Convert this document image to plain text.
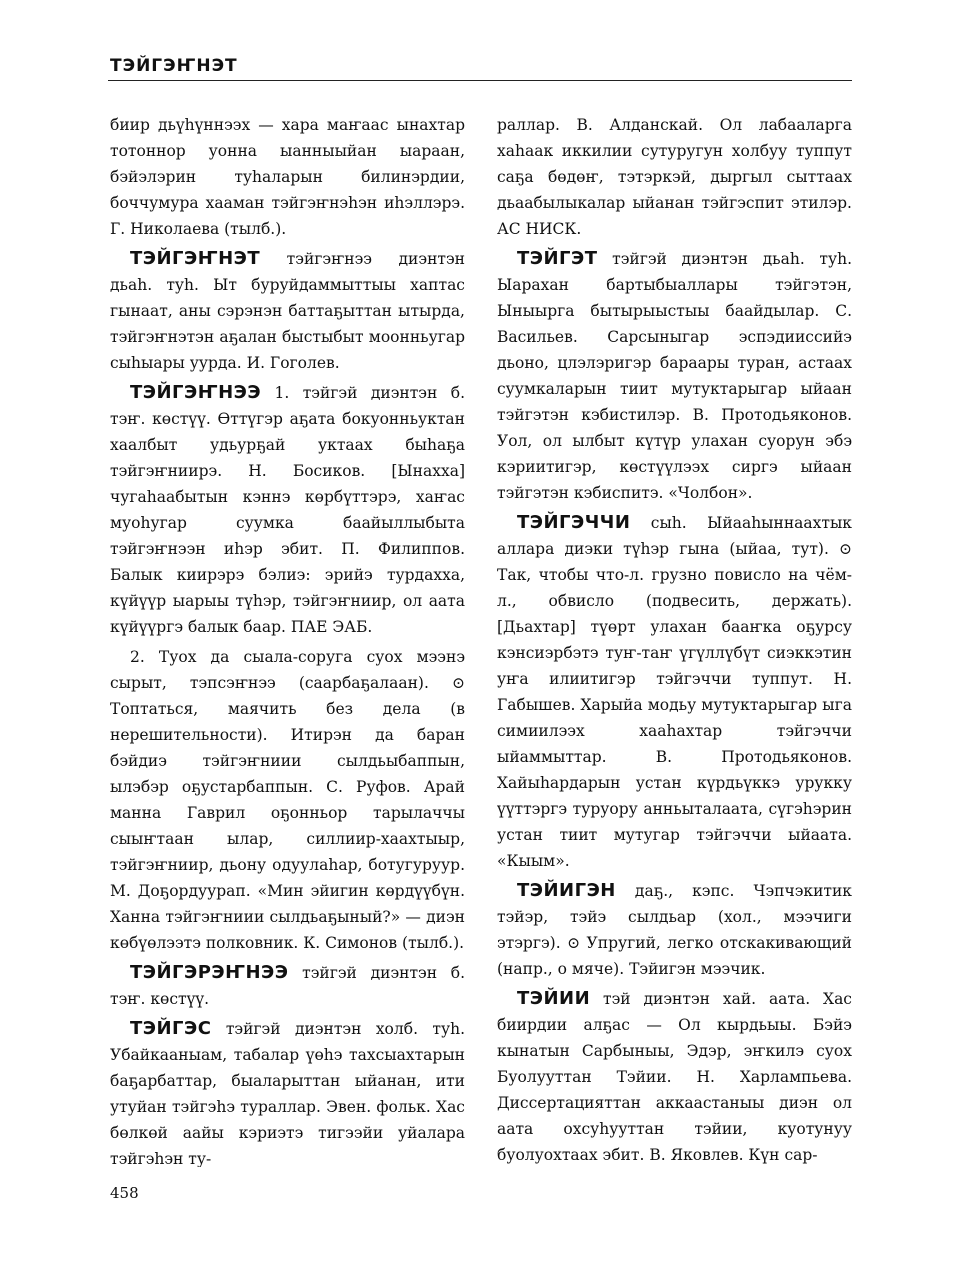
ТЭЙГЭҤНЭТ

биир дьүһүннээх — хара маҥаас ынахтар тотоннор уонна ыанныыйан ыараан, бэйэлэрин туһаларын билинэрдии, боччумура хааман тэйгэҥнэһэн иһэллэрэ. Г. Николаева (тылб.).

ТЭЙГЭҤНЭТ тэйгэҥнээ диэнтэн дьаһ. туһ. Ыт буруйдаммыттыы хаптас гынаат, аны сэрэнэн баттаҕыттан ытырда, тэйгэҥнэтэн аҕалан быстыбыт моонньугар сыһыары уурда. И. Гоголев.

ТЭЙГЭҤНЭЭ 1. тэйгэй диэнтэн б. тэҥ. көстүү. Өттүгэр аҕата бокуонньуктан хаалбыт удьурҕай уктаах быһаҕа тэйгэҥниирэ. Н. Босиков. [Ынахха] чугаһаабытын кэннэ көрбүттэрэ, хаҥас муоһугар суумка баайыллыбыта тэйгэҥнээн иһэр эбит. П. Филиппов. Балык киирэрэ бэлиэ: эрийэ турдахха, күйүүр ыарыы түһэр, тэйгэҥниир, ол аата күйүүргэ балык баар. ПАЕ ЭАБ.

2. Туох да сыала-соруга суох мээнэ сырыт, тэпсэҥнээ (саарбаҕалаан). ⊙ Топтаться, маячить без дела (в нерешительности). Итирэн да баран бэйдиэ тэйгэҥниии сылдьыбаппын, ылэбэр оҕустарбаппын. С. Руфов. Арай манна Гаврил оҕонньор тарылаччы сыыҥтаан ылар, силлиир-хаахтыыр, тэйгэҥниир, дьону одуулаһар, ботугуруур. М. Доҕордуурап. «Мин эйигин көрдүүбүн. Ханна тэйгэҥниии сылдьаҕыный?» — диэн көбүөлээтэ полковник. К. Симонов (тылб.).

ТЭЙГЭРЭҤНЭЭ тэйгэй диэнтэн б. тэҥ. көстүү.

ТЭЙГЭС тэйгэй диэнтэн холб. туһ. Убайкааныам, табалар үөһэ тахсыахтарын баҕарбаттар, быаларыттан ыйанан, ити утуйан тэйгэһэ тураллар. Эвен. фольк. Хас бөлкөй аайы кэриэтэ тигээйи уйалара тэйгэһэн ту-

раллар. В. Алданскай. Ол лабааларга хаһаак иккилии сутуругун холбуу туппут саҕа бөдөҥ, тэтэркэй, дыргыл сыттаах дьаабылыкалар ыйанан тэйгэспит этилэр. АС НИСК.

ТЭЙГЭТ тэйгэй диэнтэн дьаһ. туһ. Ыарахан бартыбыаллары тэйгэтэн, Ыныырга бытырыыстыы баайдылар. С. Васильев. Сарсыныгар эспэдииссийэ дьоно, цлэлэригэр бараары туран, астаах суумкаларын тиит мутуктарыгар ыйаан тэйгэтэн кэбистилэр. В. Протодьяконов. Уол, ол ылбыт күтүр улахан суорун эбэ кэриитигэр, көстүүлээх сиргэ ыйаан тэйгэтэн кэбиспитэ. «Чолбон».

ТЭЙГЭЧЧИ сыһ. Ыйааһыннаахтык аллара диэки түһэр гына (ыйаа, тут). ⊙ Так, чтобы что-л. грузно повисло на чём-л., обвисло (подвесить, держать). [Дьахтар] түөрт улахан бааҥка оҕурсу кэнсиэрбэтэ туҥ-таҥ үгүллүбүт сиэккэтин уҥа илиитигэр тэйгэччи туппут. Н. Габышев. Харыйа модьу мутуктарыгар ыга симиилээх хааһахтар тэйгэччи ыйаммыттар. В. Протодьяконов. Хайыһардарын устан күрдьүккэ урукку үүттэргэ туруору анньыталаата, сүгэһэрин устан тиит мутугар тэйгэччи ыйаата. «Кыым».

ТЭЙИГЭН даҕ., кэпс. Чэпчэкитик тэйэр, тэйэ сылдьар (хол., мээчиги этэргэ). ⊙ Упругий, легко отскакивающий (напр., о мяче). Тэйигэн мээчик.

ТЭЙИИ тэй диэнтэн хай. аата. Хас биирдии алҕас — Ол кырдьыы. Бэйэ кынатын Сарбыныы, Эдэр, эҥкилэ суох Буолууттан Тэйии. Н. Харлампьева. Диссертацияттан аккаастаныы диэн ол аата охсуһууттан тэйии, куотунуу буолуохтаах эбит. В. Яковлев. Күн сар-

458
